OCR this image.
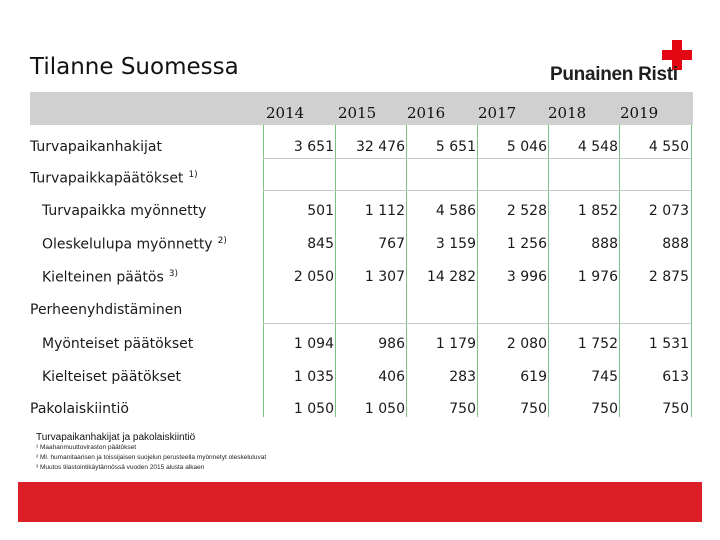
Tilanne Suomessa	Punainen Risti
2014 2015 2016 2017 2018 2019
Turvapaikanhakijat	3 651	32 476	5 651	5 046	4 548	4 550
Turvapaikkapäätökset $^{1)}$
Turvapaikka myönnetty	501	1 112	4 586	2 528	1 852	2 073
Oleskelulupa myönnetty $^{2)}$	845	767	3 159	1 256	888	888
Kielteinen päätös $^{3)}$	2 050	1 307	14 282	3 996	1 976	2 875
Perheenyhdistäminen
Myönteiset päätökset	1 094	986	1 179	2 080	1 752	1 531
Kielteiset päätökset	1 035	406	283	619	745	613
Pakolaiskiintiö	1 050	1 050	750	750	750	750
Turvapaikanhakijat ja pakolaiskiintiö
¹ Maahanmuuttoviraston päätökset
² Ml. humanitaarisen ja toissijaisen suojelun perusteella myönnetyt oleskeluluvat
³ Muutos tilastointikäytännössä vuoden 2015 alusta alkaen
